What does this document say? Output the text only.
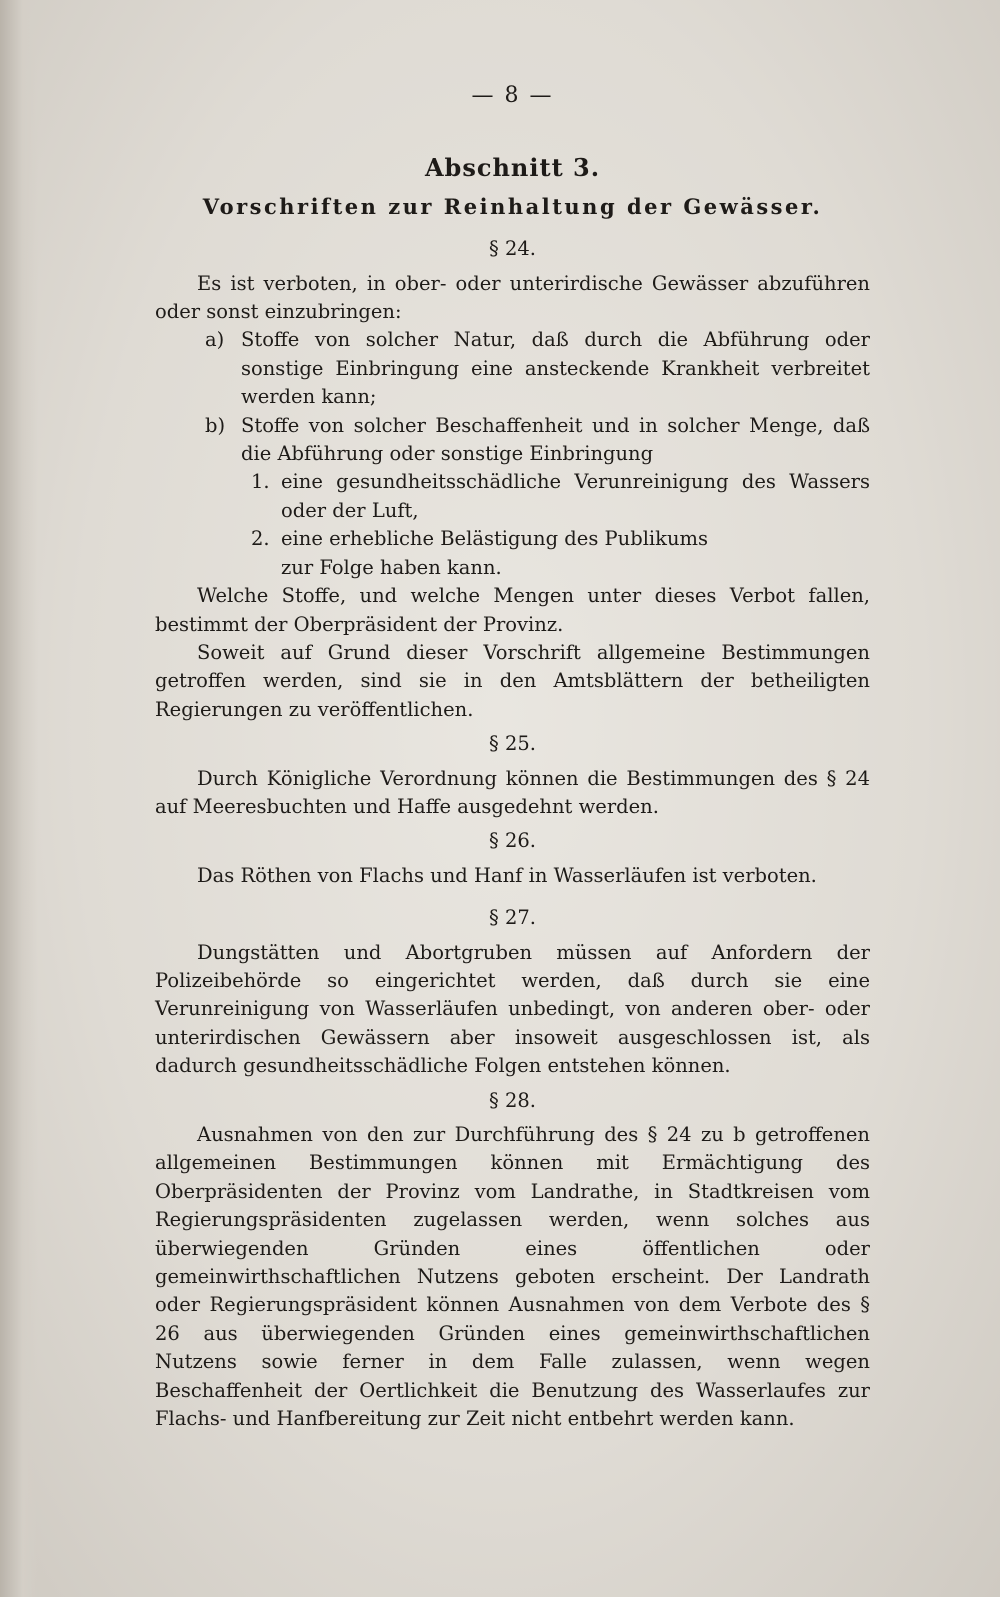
— 8 —
Abschnitt 3.
Vorschriften zur Reinhaltung der Gewässer.
§ 24.

Es ist verboten, in ober- oder unterirdische Gewässer abzuführen oder sonst einzubringen:

a) Stoffe von solcher Natur, daß durch die Abführung oder sonstige Einbringung eine ansteckende Krankheit verbreitet werden kann;
b) Stoffe von solcher Beschaffenheit und in solcher Menge, daß die Abführung oder sonstige Einbringung
1. eine gesundheitsschädliche Verunreinigung des Wassers oder der Luft,
2. eine erhebliche Belästigung des Publikums
zur Folge haben kann.

Welche Stoffe, und welche Mengen unter dieses Verbot fallen, bestimmt der Oberpräsident der Provinz.

Soweit auf Grund dieser Vorschrift allgemeine Bestimmungen getroffen werden, sind sie in den Amtsblättern der betheiligten Regierungen zu veröffentlichen.

§ 25.

Durch Königliche Verordnung können die Bestimmungen des § 24 auf Meeresbuchten und Haffe ausgedehnt werden.

§ 26.

Das Röthen von Flachs und Hanf in Wasserläufen ist verboten.

§ 27.

Dungstätten und Abortgruben müssen auf Anfordern der Polizeibehörde so eingerichtet werden, daß durch sie eine Verunreinigung von Wasserläufen unbedingt, von anderen ober- oder unterirdischen Gewässern aber insoweit ausgeschlossen ist, als dadurch gesundheitsschädliche Folgen entstehen können.

§ 28.

Ausnahmen von den zur Durchführung des § 24 zu b getroffenen allgemeinen Bestimmungen können mit Ermächtigung des Oberpräsidenten der Provinz vom Landrathe, in Stadtkreisen vom Regierungspräsidenten zugelassen werden, wenn solches aus überwiegenden Gründen eines öffentlichen oder gemeinwirthschaftlichen Nutzens geboten erscheint. Der Landrath oder Regierungspräsident können Ausnahmen von dem Verbote des § 26 aus überwiegenden Gründen eines gemeinwirthschaftlichen Nutzens sowie ferner in dem Falle zulassen, wenn wegen Beschaffenheit der Oertlichkeit die Benutzung des Wasserlaufes zur Flachs- und Hanfbereitung zur Zeit nicht entbehrt werden kann.
